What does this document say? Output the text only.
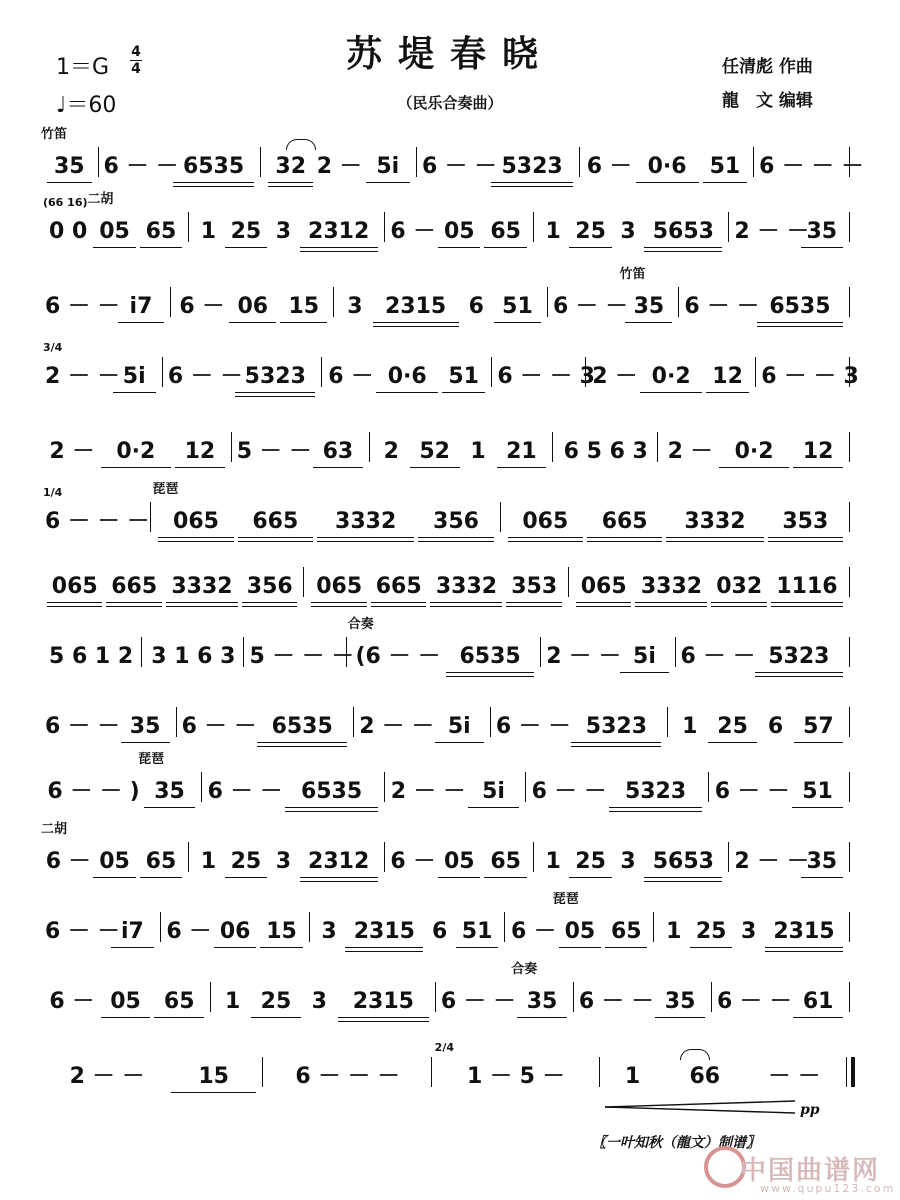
苏堤春晓
（民乐合奏曲）
1＝G
4
4
♩＝60
任清彪 作曲
龍　文 编辑
35
竹笛
6 － － 6535	32 2 － 5i	6 － － 5323	6 － 0·6	51 6 － － －
0 0
(66 16)
05
二胡
65	1 25 3 2312 6 － 05 65	1 25 3 5653 2 － －
35
6 － － i7	6 － 06 15	3	2315	6 51 6 － － 35
竹笛
6 － － 6535
2 － －
3/4
5i	6 － － 5323	6 － 0·6 51 6 － － 3
2 － 0·2 12 6 － － 3
2 －	0·2	12 5 － － 63	2 52 1 21	6 5 6 3 2 －	0·2	12
6 － － －
1/4
065
琵琶
665	3332	356	065	665	3332	353
065 665 3332 356	065 665 3332 353	065 3332 032 1116
5 6 1 2 3 1 6 3 5 － － － (6 － －
合奏
6535	2 － － 5i	6 － － 5323
6 － － 35 6 － － 6535	2 － － 5i	6 － － 5323	1 25 6 57
6 － － ) 35
琵琶
6 － － 6535	2 － － 5i	6 － － 5323	6 － － 51
6 －
二胡
05 65	1 25 3 2312 6 － 05 65	1 25 3 5653 2 － －
35
6 － － i7	6 － 06 15	3 2315 6 51 6 － 05
琵琶
65	1 25 3 2315
6 － 05	65	1 25 3	2315	6 － － 35
合奏
6 － － 35 6 － － 61
2 － －	15	6 － － －	1 － 5 －
2/4
1	66	－ －
pp
〖一叶知秋（龍文）制谱〗
中国曲谱网
www.qupu123.com
